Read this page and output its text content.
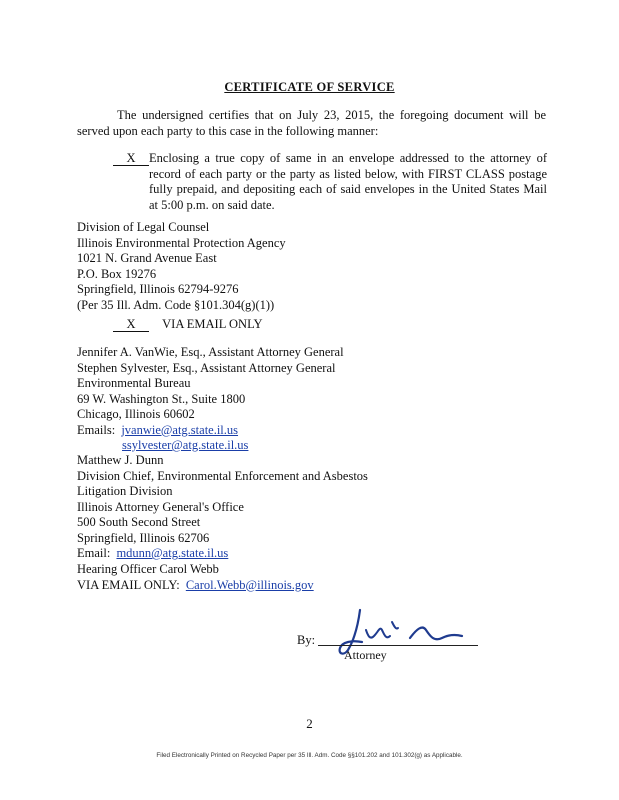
CERTIFICATE OF SERVICE
The undersigned certifies that on July 23, 2015, the foregoing document will be served upon each party to this case in the following manner:
X	Enclosing a true copy of same in an envelope addressed to the attorney of record of each party or the party as listed below, with FIRST CLASS postage fully prepaid, and depositing each of said envelopes in the United States Mail at 5:00 p.m. on said date.
Division of Legal Counsel
Illinois Environmental Protection Agency
1021 N. Grand Avenue East
P.O. Box 19276
Springfield, Illinois 62794-9276
(Per 35 Ill. Adm. Code §101.304(g)(1))
X VIA EMAIL ONLY
Jennifer A. VanWie, Esq., Assistant Attorney General
Stephen Sylvester, Esq., Assistant Attorney General
Environmental Bureau
69 W. Washington St., Suite 1800
Chicago, Illinois 60602
Emails: jvanwie@atg.state.il.us
ssylvester@atg.state.il.us
Matthew J. Dunn
Division Chief, Environmental Enforcement and Asbestos
Litigation Division
Illinois Attorney General's Office
500 South Second Street
Springfield, Illinois 62706
Email: mdunn@atg.state.il.us
Hearing Officer Carol Webb
VIA EMAIL ONLY: Carol.Webb@illinois.gov
By:
Attorney
2
Filed Electronically Printed on Recycled Paper per 35 Ill. Adm. Code §§101.202 and 101.302(g) as Applicable.
